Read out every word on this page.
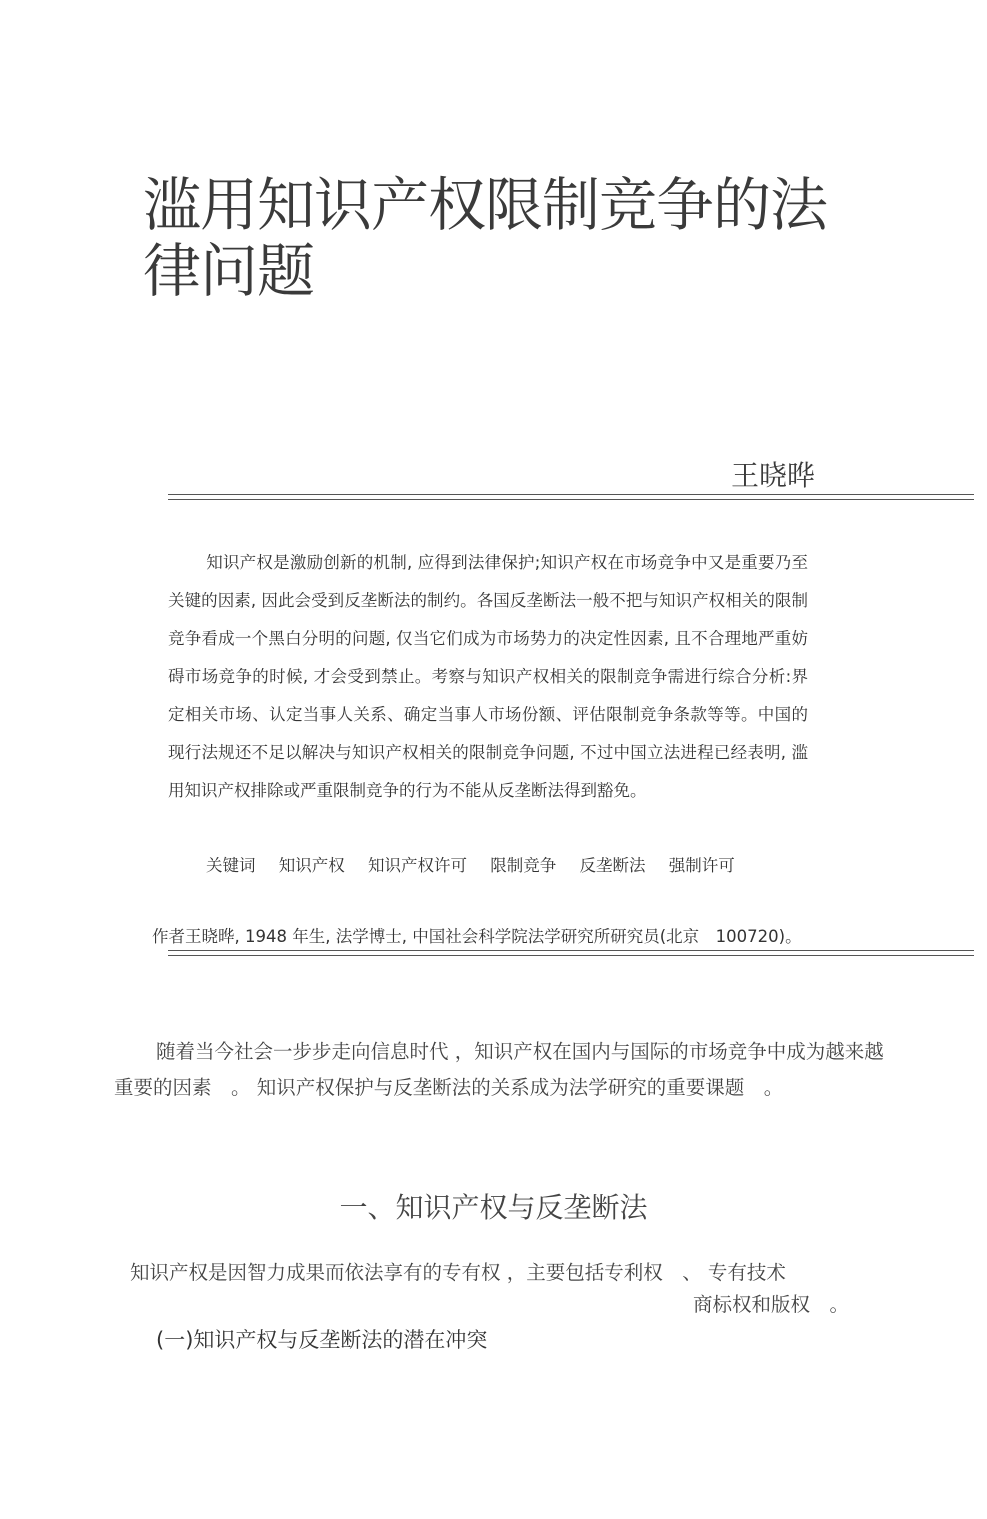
滥用知识产权限制竞争的法律问题
王晓晔

知识产权是激励创新的机制, 应得到法律保护;知识产权在市场竞争中又是重要乃至关键的因素, 因此会受到反垄断法的制约。各国反垄断法一般不把与知识产权相关的限制竞争看成一个黑白分明的问题, 仅当它们成为市场势力的决定性因素, 且不合理地严重妨碍市场竞争的时候, 才会受到禁止。考察与知识产权相关的限制竞争需进行综合分析:界定相关市场、认定当事人关系、确定当事人市场份额、评估限制竞争条款等等。中国的现行法规还不足以解决与知识产权相关的限制竞争问题, 不过中国立法进程已经表明, 滥用知识产权排除或严重限制竞争的行为不能从反垄断法得到豁免。

关键词 知识产权 知识产权许可 限制竞争 反垄断法 强制许可
作者王晓晔, 1948 年生, 法学博士, 中国社会科学院法学研究所研究员(北京　100720)。

随着当今社会一步步走向信息时代 ，知识产权在国内与国际的市场竞争中成为越来越重要的因素　。 知识产权保护与反垄断法的关系成为法学研究的重要课题　。

一、知识产权与反垄断法
知识产权是因智力成果而依法享有的专有权 ，主要包括专利权　、 专有技术
商标权和版权　。
(一)知识产权与反垄断法的潜在冲突
